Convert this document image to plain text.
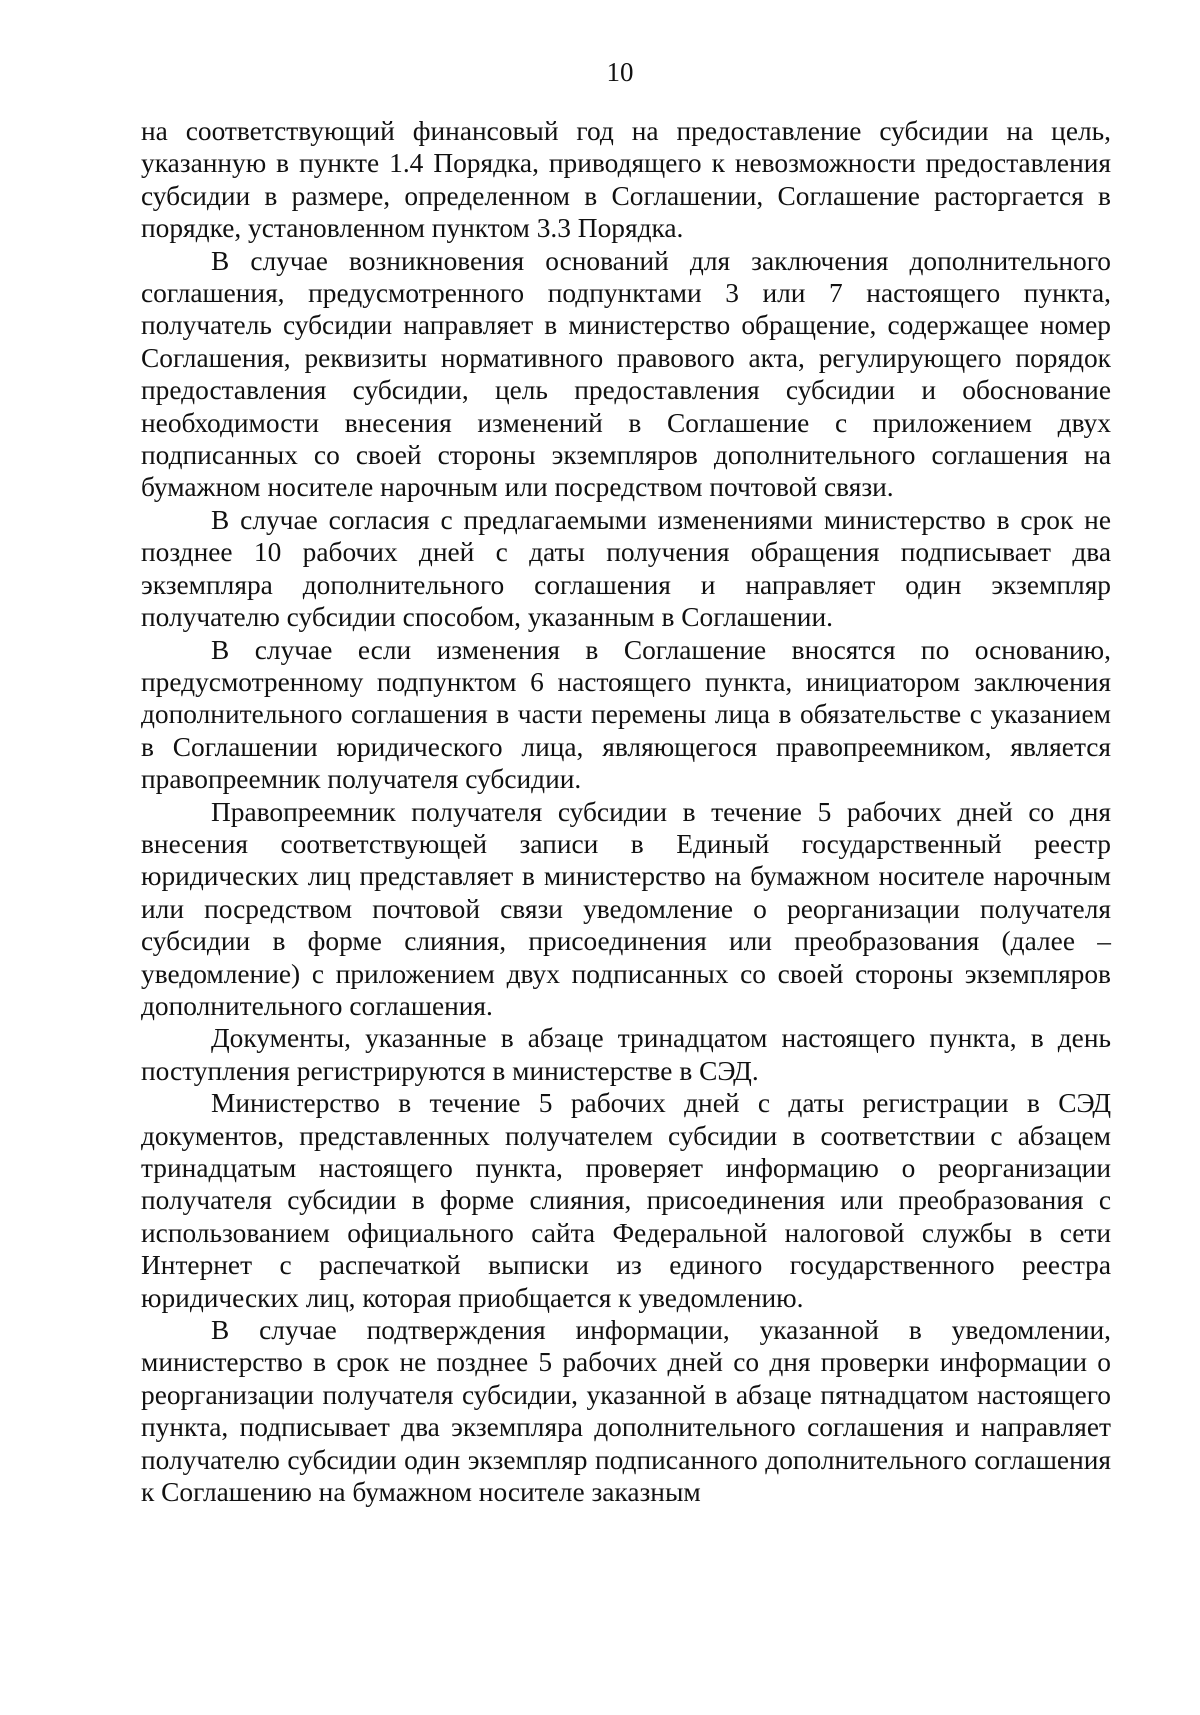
10

на соответствующий финансовый год на предоставление субсидии на цель, указанную в пункте 1.4 Порядка, приводящего к невозможности предоставления субсидии в размере, определенном в Соглашении, Соглашение расторгается в порядке, установленном пунктом 3.3 Порядка.

В случае возникновения оснований для заключения дополнительного соглашения, предусмотренного подпунктами 3 или 7 настоящего пункта, получатель субсидии направляет в министерство обращение, содержащее номер Соглашения, реквизиты нормативного правового акта, регулирующего порядок предоставления субсидии, цель предоставления субсидии и обоснование необходимости внесения изменений в Соглашение с приложением двух подписанных со своей стороны экземпляров дополнительного соглашения на бумажном носителе нарочным или посредством почтовой связи.

В случае согласия с предлагаемыми изменениями министерство в срок не позднее 10 рабочих дней с даты получения обращения подписывает два экземпляра дополнительного соглашения и направляет один экземпляр получателю субсидии способом, указанным в Соглашении.

В случае если изменения в Соглашение вносятся по основанию, предусмотренному подпунктом 6 настоящего пункта, инициатором заключения дополнительного соглашения в части перемены лица в обязательстве с указанием в Соглашении юридического лица, являющегося правопреемником, является правопреемник получателя субсидии.

Правопреемник получателя субсидии в течение 5 рабочих дней со дня внесения соответствующей записи в Единый государственный реестр юридических лиц представляет в министерство на бумажном носителе нарочным или посредством почтовой связи уведомление о реорганизации получателя субсидии в форме слияния, присоединения или преобразования (далее – уведомление) с приложением двух подписанных со своей стороны экземпляров дополнительного соглашения.

Документы, указанные в абзаце тринадцатом настоящего пункта, в день поступления регистрируются в министерстве в СЭД.

Министерство в течение 5 рабочих дней с даты регистрации в СЭД документов, представленных получателем субсидии в соответствии с абзацем тринадцатым настоящего пункта, проверяет информацию о реорганизации получателя субсидии в форме слияния, присоединения или преобразования с использованием официального сайта Федеральной налоговой службы в сети Интернет с распечаткой выписки из единого государственного реестра юридических лиц, которая приобщается к уведомлению.

В случае подтверждения информации, указанной в уведомлении, министерство в срок не позднее 5 рабочих дней со дня проверки информации о реорганизации получателя субсидии, указанной в абзаце пятнадцатом настоящего пункта, подписывает два экземпляра дополнительного соглашения и направляет получателю субсидии один экземпляр подписанного дополнительного соглашения к Соглашению на бумажном носителе заказным
